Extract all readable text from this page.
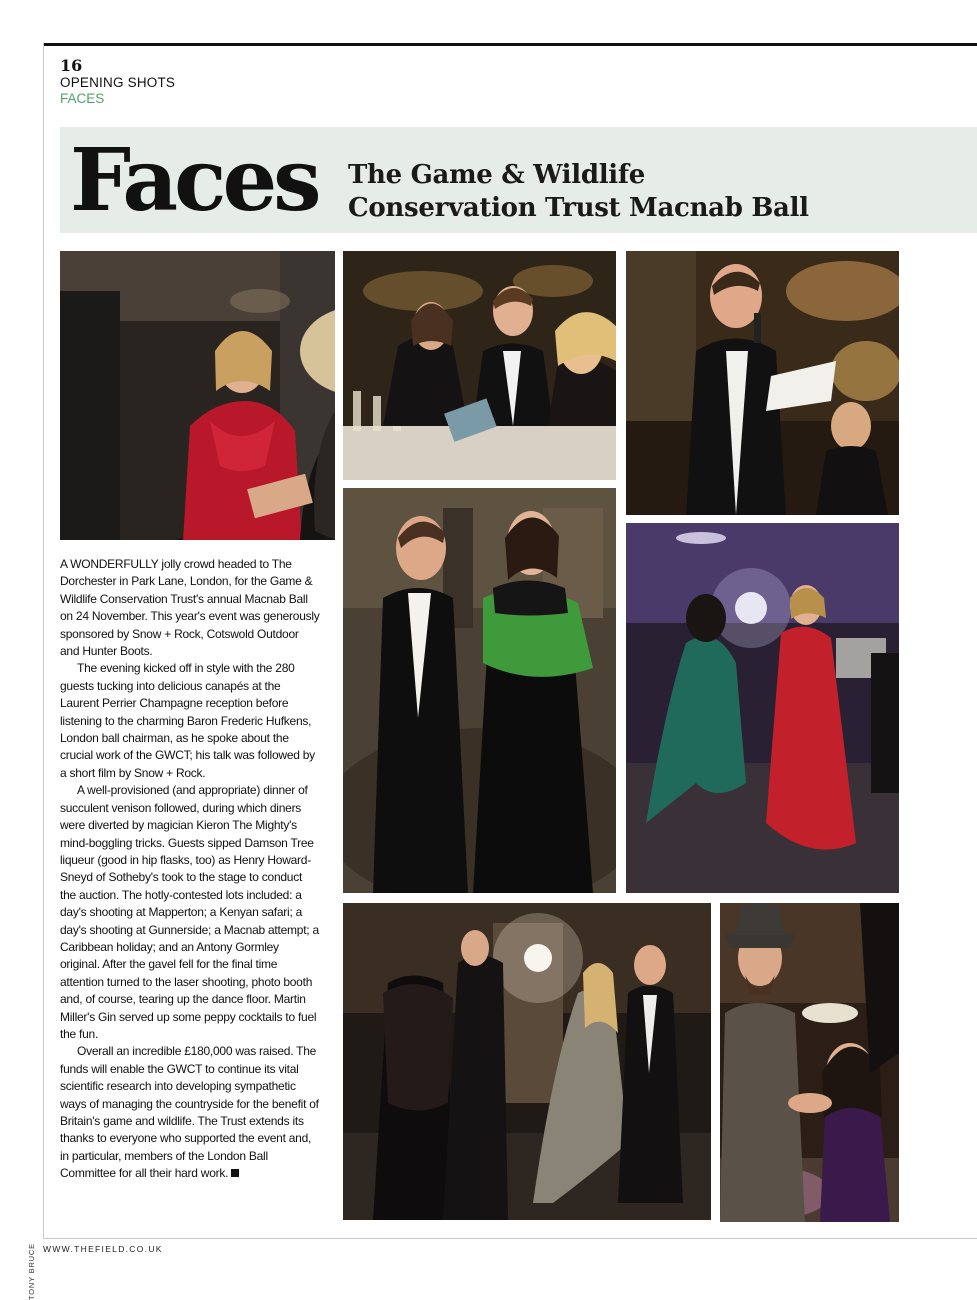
16
OPENING SHOTS
FACES
Faces The Game & Wildlife
Conservation Trust Macnab Ball

A WONDERFULLY jolly crowd headed to The Dorchester in Park Lane, London, for the Game & Wildlife Conservation Trust's annual Macnab Ball on 24 November. This year's event was generously sponsored by Snow + Rock, Cotswold Outdoor and Hunter Boots.

The evening kicked off in style with the 280 guests tucking into delicious canapés at the Laurent Perrier Champagne reception before listening to the charming Baron Frederic Hufkens, London ball chairman, as he spoke about the crucial work of the GWCT; his talk was followed by a short film by Snow + Rock.

A well-provisioned (and appropriate) dinner of succulent venison followed, during which diners were diverted by magician Kieron The Mighty's mind-boggling tricks. Guests sipped Damson Tree liqueur (good in hip flasks, too) as Henry Howard-Sneyd of Sotheby's took to the stage to conduct the auction. The hotly-contested lots included: a day's shooting at Mapperton; a Kenyan safari; a day's shooting at Gunnerside; a Macnab attempt; a Caribbean holiday; and an Antony Gormley original. After the gavel fell for the final time attention turned to the laser shooting, photo booth and, of course, tearing up the dance floor. Martin Miller's Gin served up some peppy cocktails to fuel the fun.

Overall an incredible £180,000 was raised. The funds will enable the GWCT to continue its vital scientific research into developing sympathetic ways of managing the countryside for the benefit of Britain's game and wildlife. The Trust extends its thanks to everyone who supported the event and, in particular, members of the London Ball Committee for all their hard work.

TONY BRUCE WWW.THEFIELD.CO.UK
